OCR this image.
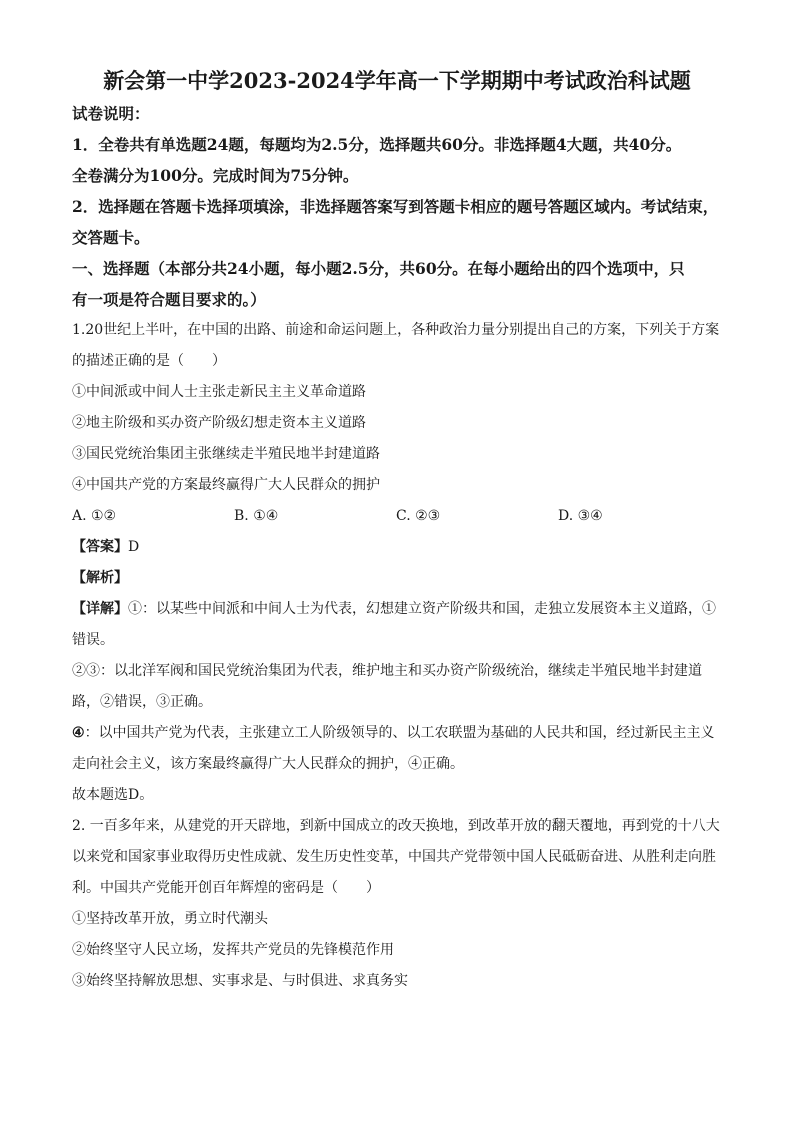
新会第一中学2023-2024学年高一下学期期中考试政治科试题

试卷说明：

1．全卷共有单选题24题，每题均为2.5分，选择题共60分。非选择题4大题，共40分。

全卷满分为100分。完成时间为75分钟。

2．选择题在答题卡选择项填涂，非选择题答案写到答题卡相应的题号答题区域内。考试结束，

交答题卡。

一、选择题（本部分共24小题，每小题2.5分，共60分。在每小题给出的四个选项中，只

有一项是符合题目要求的。）

1.20世纪上半叶，在中国的出路、前途和命运问题上，各种政治力量分别提出自己的方案，下列关于方案

的描述正确的是（　　）

①中间派或中间人士主张走新民主主义革命道路

②地主阶级和买办资产阶级幻想走资本主义道路

③国民党统治集团主张继续走半殖民地半封建道路

④中国共产党的方案最终赢得广大人民群众的拥护

A. ①②	B. ①④	C. ②③	D. ③④

【答案】D

【解析】

【详解】①：以某些中间派和中间人士为代表，幻想建立资产阶级共和国，走独立发展资本主义道路，①

错误。

②③：以北洋军阀和国民党统治集团为代表，维护地主和买办资产阶级统治，继续走半殖民地半封建道

路，②错误，③正确。

④：以中国共产党为代表，主张建立工人阶级领导的、以工农联盟为基础的人民共和国，经过新民主主义

走向社会主义，该方案最终赢得广大人民群众的拥护，④正确。

故本题选D。

2. 一百多年来，从建党的开天辟地，到新中国成立的改天换地，到改革开放的翻天覆地，再到党的十八大

以来党和国家事业取得历史性成就、发生历史性变革，中国共产党带领中国人民砥砺奋进、从胜利走向胜

利。中国共产党能开创百年辉煌的密码是（　　）

①坚持改革开放，勇立时代潮头

②始终坚守人民立场，发挥共产党员的先锋模范作用

③始终坚持解放思想、实事求是、与时俱进、求真务实
